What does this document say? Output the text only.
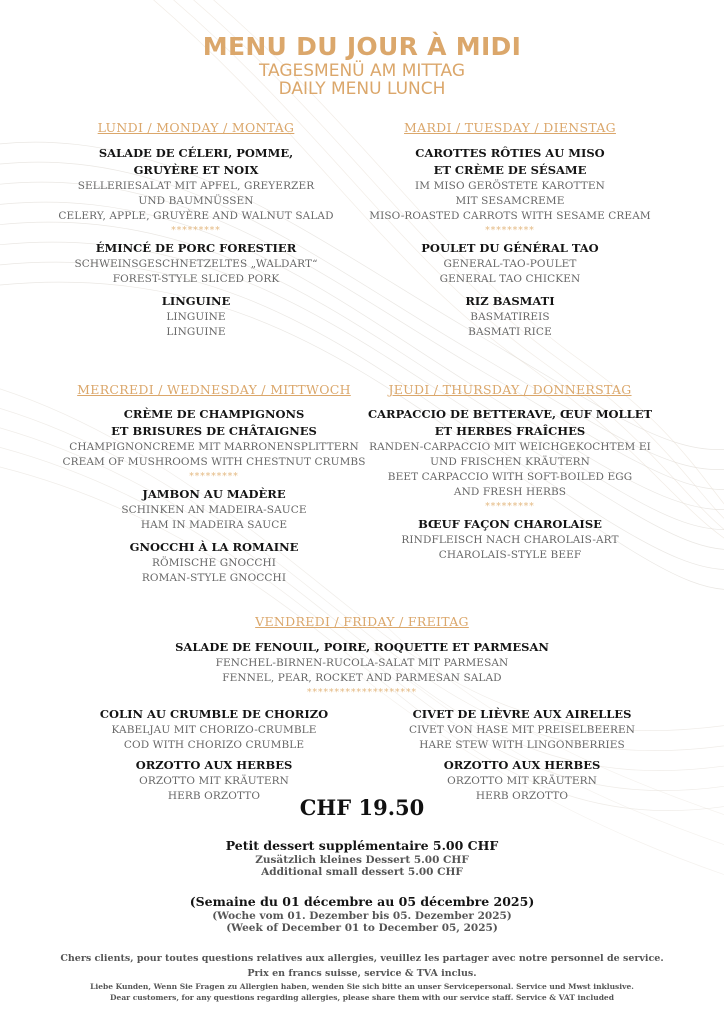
MENU DU JOUR À MIDI
TAGESMENÜ AM MITTAG
DAILY MENU LUNCH
LUNDI / MONDAY / MONTAG
SALADE DE CÉLERI, POMME,
GRUYÈRE ET NOIX
SELLERIESALAT MIT APFEL, GREYERZER
UND BAUMNÜSSEN
CELERY, APPLE, GRUYÈRE AND WALNUT SALAD
*********
ÉMINCÉ DE PORC FORESTIER
SCHWEINSGESCHNETZELTES „WALDART“
FOREST-STYLE SLICED PORK
LINGUINE
LINGUINE
LINGUINE
MARDI / TUESDAY / DIENSTAG
CAROTTES RÔTIES AU MISO
ET CRÈME DE SÉSAME
IM MISO GERÖSTETE KAROTTEN
MIT SESAMCREME
MISO-ROASTED CARROTS WITH SESAME CREAM
*********
POULET DU GÉNÉRAL TAO
GENERAL-TAO-POULET
GENERAL TAO CHICKEN
RIZ BASMATI
BASMATIREIS
BASMATI RICE
MERCREDI / WEDNESDAY / MITTWOCH
CRÈME DE CHAMPIGNONS
ET BRISURES DE CHÂTAIGNES
CHAMPIGNONCREME MIT MARRONENSPLITTERN
CREAM OF MUSHROOMS WITH CHESTNUT CRUMBS
*********
JAMBON AU MADÈRE
SCHINKEN AN MADEIRA-SAUCE
HAM IN MADEIRA SAUCE
GNOCCHI À LA ROMAINE
RÖMISCHE GNOCCHI
ROMAN-STYLE GNOCCHI
JEUDI / THURSDAY / DONNERSTAG
CARPACCIO DE BETTERAVE, ŒUF MOLLET
ET HERBES FRAÎCHES
RANDEN-CARPACCIO MIT WEICHGEKOCHTEM EI
UND FRISCHEN KRÄUTERN
BEET CARPACCIO WITH SOFT-BOILED EGG
AND FRESH HERBS
*********
BŒUF FAÇON CHAROLAISE
RINDFLEISCH NACH CHAROLAIS-ART
CHAROLAIS-STYLE BEEF
VENDREDI / FRIDAY / FREITAG
SALADE DE FENOUIL, POIRE, ROQUETTE ET PARMESAN
FENCHEL-BIRNEN-RUCOLA-SALAT MIT PARMESAN
FENNEL, PEAR, ROCKET AND PARMESAN SALAD
********************
COLIN AU CRUMBLE DE CHORIZO
KABELJAU MIT CHORIZO-CRUMBLE
COD WITH CHORIZO CRUMBLE
ORZOTTO AUX HERBES
ORZOTTO MIT KRÄUTERN
HERB ORZOTTO
CIVET DE LIÈVRE AUX AIRELLES
CIVET VON HASE MIT PREISELBEEREN
HARE STEW WITH LINGONBERRIES
ORZOTTO AUX HERBES
ORZOTTO MIT KRÄUTERN
HERB ORZOTTO
CHF 19.50
Petit dessert supplémentaire 5.00 CHF
Zusätzlich kleines Dessert 5.00 CHF
Additional small dessert 5.00 CHF
(Semaine du 01 décembre au 05 décembre 2025)
(Woche vom 01. Dezember bis 05. Dezember 2025)
(Week of December 01 to December 05, 2025)
Chers clients, pour toutes questions relatives aux allergies, veuillez les partager avec notre personnel de service.
Prix en francs suisse, service & TVA inclus.
Liebe Kunden, Wenn Sie Fragen zu Allergien haben, wenden Sie sich bitte an unser Servicepersonal. Service und Mwst inklusive.
Dear customers, for any questions regarding allergies, please share them with our service staff. Service & VAT included
